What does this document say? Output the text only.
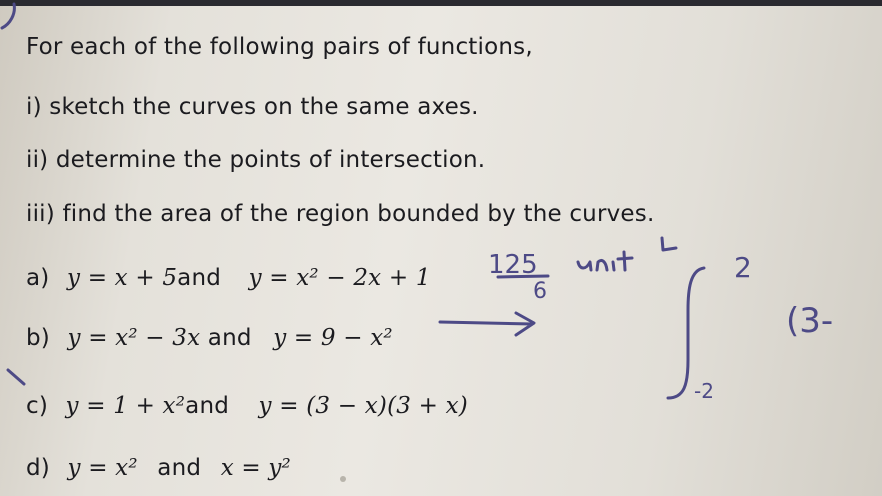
For each of the following pairs of functions,
i) sketch the curves on the same axes.
ii) determine the points of intersection.
iii) find the area of the region bounded by the curves.
a) y = x + 5and y = x² − 2x + 1
b) y = x² − 3x and y = 9 − x²
c) y = 1 + x²and y = (3 − x)(3 + x)
d) y = x² and x = y²
125
6
2
-2
(3-
